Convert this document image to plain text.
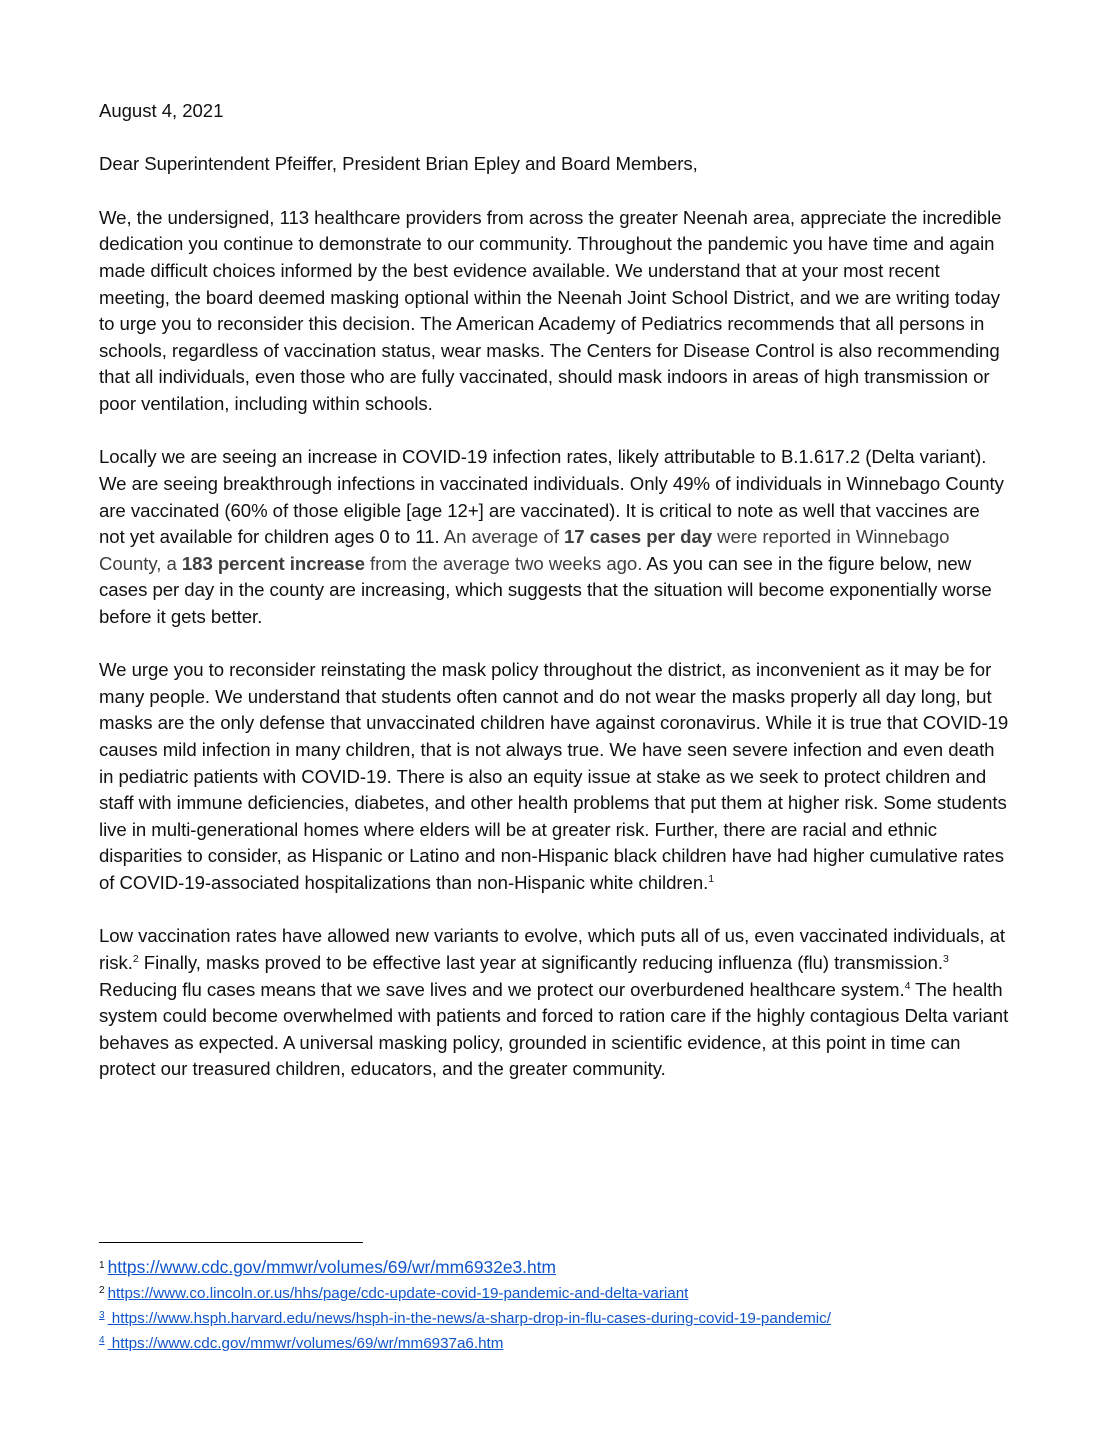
August 4, 2021

Dear Superintendent Pfeiffer, President Brian Epley and Board Members,

We, the undersigned, 113 healthcare providers from across the greater Neenah area, appreciate the incredible dedication you continue to demonstrate to our community. Throughout the pandemic you have time and again made difficult choices informed by the best evidence available. We understand that at your most recent meeting, the board deemed masking optional within the Neenah Joint School District, and we are writing today to urge you to reconsider this decision. The American Academy of Pediatrics recommends that all persons in schools, regardless of vaccination status, wear masks. The Centers for Disease Control is also recommending that all individuals, even those who are fully vaccinated, should mask indoors in areas of high transmission or poor ventilation, including within schools.

Locally we are seeing an increase in COVID-19 infection rates, likely attributable to B.1.617.2 (Delta variant). We are seeing breakthrough infections in vaccinated individuals. Only 49% of individuals in Winnebago County are vaccinated (60% of those eligible [age 12+] are vaccinated). It is critical to note as well that vaccines are not yet available for children ages 0 to 11. An average of 17 cases per day were reported in Winnebago County, a 183 percent increase from the average two weeks ago. As you can see in the figure below, new cases per day in the county are increasing, which suggests that the situation will become exponentially worse before it gets better.

We urge you to reconsider reinstating the mask policy throughout the district, as inconvenient as it may be for many people. We understand that students often cannot and do not wear the masks properly all day long, but masks are the only defense that unvaccinated children have against coronavirus. While it is true that COVID-19 causes mild infection in many children, that is not always true. We have seen severe infection and even death in pediatric patients with COVID-19. There is also an equity issue at stake as we seek to protect children and staff with immune deficiencies, diabetes, and other health problems that put them at higher risk. Some students live in multi-generational homes where elders will be at greater risk. Further, there are racial and ethnic disparities to consider, as Hispanic or Latino and non-Hispanic black children have had higher cumulative rates of COVID-19-associated hospitalizations than non-Hispanic white children.$^1$

Low vaccination rates have allowed new variants to evolve, which puts all of us, even vaccinated individuals, at risk.$^2$ Finally, masks proved to be effective last year at significantly reducing influenza (flu) transmission.$^3$ Reducing flu cases means that we save lives and we protect our overburdened healthcare system.$^4$ The health system could become overwhelmed with patients and forced to ration care if the highly contagious Delta variant behaves as expected. A universal masking policy, grounded in scientific evidence, at this point in time can protect our treasured children, educators, and the greater community.

$^1$ https://www.cdc.gov/mmwr/volumes/69/wr/mm6932e3.htm
$^2$ https://www.co.lincoln.or.us/hhs/page/cdc-update-covid-19-pandemic-and-delta-variant
$^3$ https://www.hsph.harvard.edu/news/hsph-in-the-news/a-sharp-drop-in-flu-cases-during-covid-19-pandemic/
$^4$ https://www.cdc.gov/mmwr/volumes/69/wr/mm6937a6.htm
